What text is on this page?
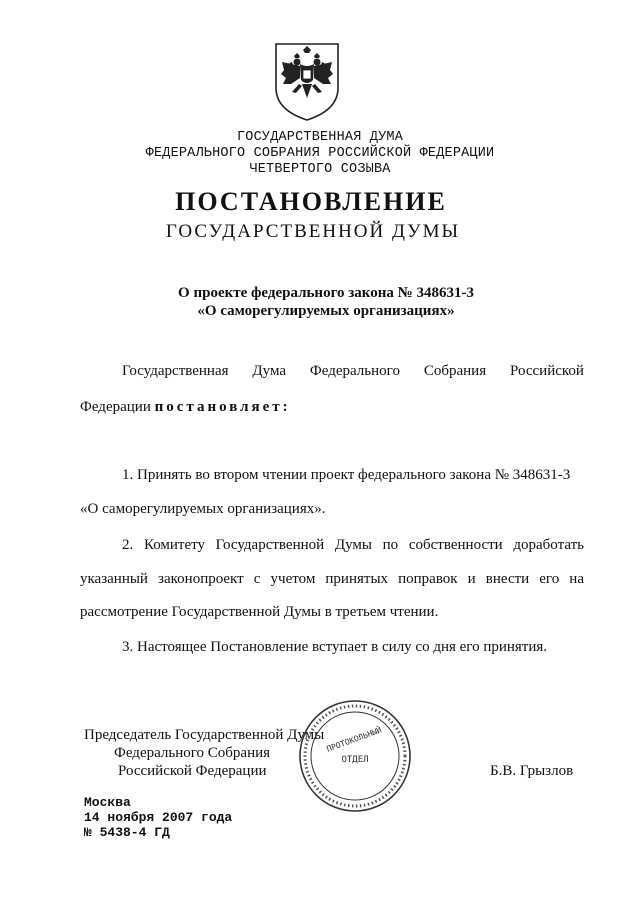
ГОСУДАРСТВЕННАЯ ДУМА
ФЕДЕРАЛЬНОГО СОБРАНИЯ РОССИЙСКОЙ ФЕДЕРАЦИИ
ЧЕТВЕРТОГО СОЗЫВА
ПОСТАНОВЛЕНИЕ
ГОСУДАРСТВЕННОЙ ДУМЫ
О проекте федерального закона № 348631-3
«О саморегулируемых организациях»
Государственная Дума Федерального Собрания Российской
Федерации постановляет:
1. Принять во втором чтении проект федерального закона № 348631-3
«О саморегулируемых организациях».
2. Комитету Государственной Думы по собственности доработать
указанный законопроект с учетом принятых поправок и внести его на
рассмотрение Государственной Думы в третьем чтении.
3. Настоящее Постановление вступает в силу со дня его принятия.
Председатель Государственной Думы
Федерального Собрания
Российской Федерации	Б.В. Грызлов
ПРОТОКОЛЬНЫЙ
ОТДЕЛ
Москва
14 ноября 2007 года
№ 5438-4 ГД
